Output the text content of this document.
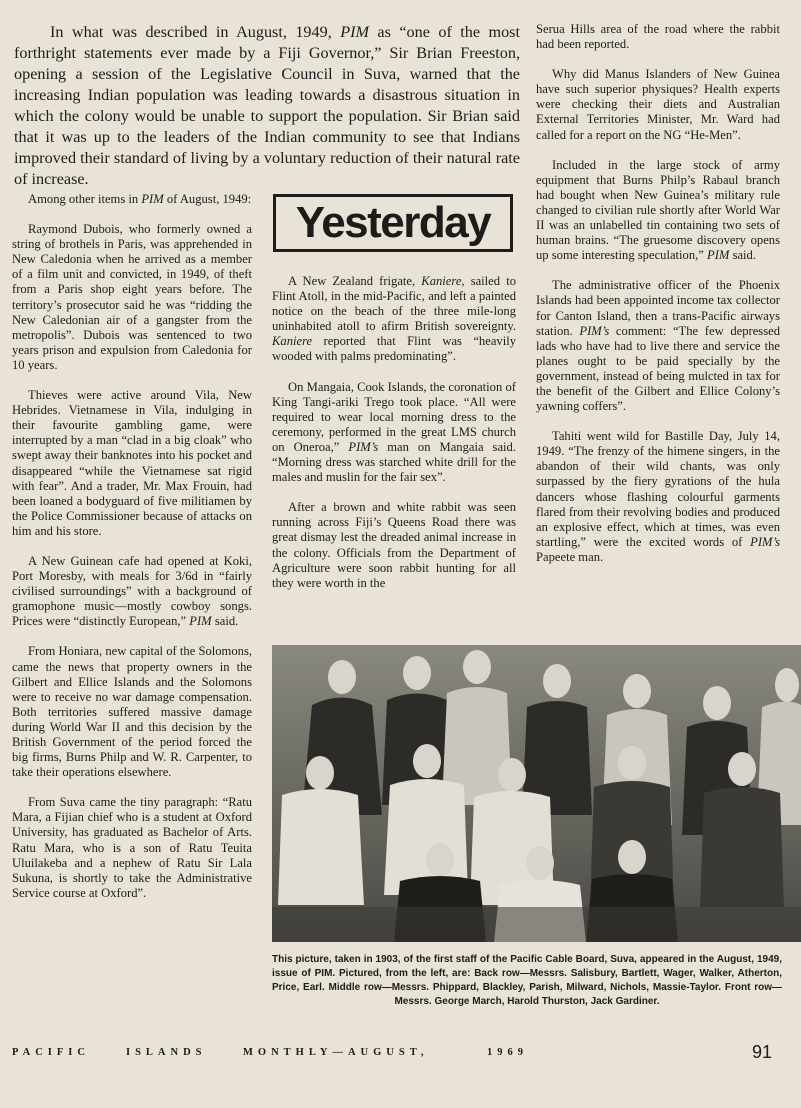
In what was described in August, 1949, PIM as “one of the most forthright statements ever made by a Fiji Governor,” Sir Brian Freeston, opening a session of the Legislative Council in Suva, warned that the increasing Indian population was leading towards a disastrous situation in which the colony would be unable to support the population. Sir Brian said that it was up to the leaders of the Indian community to see that Indians improved their standard of living by a voluntary reduction of their natural rate of increase.

Among other items in PIM of August, 1949:

Raymond Dubois, who formerly owned a string of brothels in Paris, was apprehended in New Caledonia when he arrived as a member of a film unit and convicted, in 1949, of theft from a Paris shop eight years before. The territory’s prosecutor said he was “ridding the New Caledonian air of a gangster from the metropolis”. Dubois was sentenced to two years prison and expulsion from Caledonia for 10 years.

Thieves were active around Vila, New Hebrides. Vietnamese in Vila, indulging in their favourite gambling game, were interrupted by a man “clad in a big cloak” who swept away their banknotes into his pocket and disappeared “while the Vietnamese sat rigid with fear”. And a trader, Mr. Max Frouin, had been loaned a bodyguard of five militiamen by the Police Commissioner because of attacks on him and his store.

A New Guinean cafe had opened at Koki, Port Moresby, with meals for 3/6d in “fairly civilised surroundings” with a background of gramophone music—mostly cowboy songs. Prices were “distinctly European,” PIM said.

From Honiara, new capital of the Solomons, came the news that property owners in the Gilbert and Ellice Islands and the Solomons were to receive no war damage compensation. Both territories suffered massive damage during World War II and this decision by the British Government of the period forced the big firms, Burns Philp and W. R. Carpenter, to take their operations elsewhere.

From Suva came the tiny paragraph: “Ratu Mara, a Fijian chief who is a student at Oxford University, has graduated as Bachelor of Arts. Ratu Mara, who is a son of Ratu Teuita Uluilakeba and a nephew of Ratu Sir Lala Sukuna, is shortly to take the Administrative Service course at Oxford”.

Yesterday

A New Zealand frigate, Kaniere, sailed to Flint Atoll, in the mid-Pacific, and left a painted notice on the beach of the three mile-long uninhabited atoll to afirm British sovereignty. Kaniere reported that Flint was “heavily wooded with palms predominating”.

On Mangaia, Cook Islands, the coronation of King Tangi-ariki Trego took place. “All were required to wear local morning dress to the ceremony, performed in the great LMS church on Oneroa,” PIM’s man on Mangaia said. “Morning dress was starched white drill for the males and muslin for the fair sex”.

After a brown and white rabbit was seen running across Fiji’s Queens Road there was great dismay lest the dreaded animal increase in the colony. Officials from the Department of Agriculture were soon rabbit hunting for all they were worth in the

Serua Hills area of the road where the rabbit had been reported.

Why did Manus Islanders of New Guinea have such superior physiques? Health experts were checking their diets and Australian External Territories Minister, Mr. Ward had called for a report on the NG “He-Men”.

Included in the large stock of army equipment that Burns Philp’s Rabaul branch had bought when New Guinea’s military rule changed to civilian rule shortly after World War II was an unlabelled tin containing two sets of human brains. “The gruesome discovery opens up some interesting speculation,” PIM said.

The administrative officer of the Phoenix Islands had been appointed income tax collector for Canton Island, then a trans-Pacific airways station. PIM’s comment: “The few depressed lads who have had to live there and service the planes ought to be paid specially by the government, instead of being mulcted in tax for the benefit of the Gilbert and Ellice Colony’s yawning coffers”.

Tahiti went wild for Bastille Day, July 14, 1949. “The frenzy of the himene singers, in the abandon of their wild chants, was only surpassed by the fiery gyrations of the hula dancers whose flashing colourful garments flared from their revolving bodies and produced an explosive effect, which at times, was even startling,” were the excited words of PIM’s Papeete man.

This picture, taken in 1903, of the first staff of the Pacific Cable Board, Suva, appeared in the August, 1949, issue of PIM. Pictured, from the left, are: Back row—Messrs. Salisbury, Bartlett, Wager, Walker, Atherton, Price, Earl. Middle row—Messrs. Phippard, Blackley, Parish, Milward, Nichols, Massie-Taylor. Front row—Messrs. George March, Harold Thurston, Jack Gardiner.
PACIFIC	ISLANDS	MONTHLY—AUGUST,	1969	91
